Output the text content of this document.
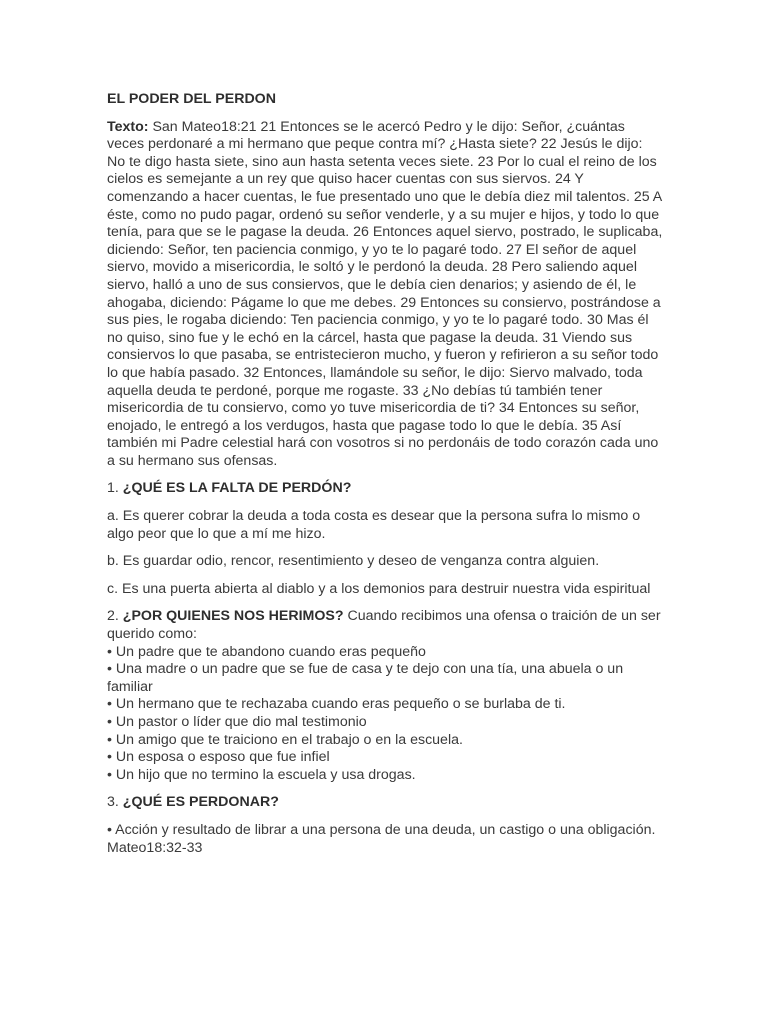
EL PODER DEL PERDON

Texto: San Mateo18:21 21 Entonces se le acercó Pedro y le dijo: Señor, ¿cuántas veces perdonaré a mi hermano que peque contra mí? ¿Hasta siete? 22 Jesús le dijo: No te digo hasta siete, sino aun hasta setenta veces siete. 23 Por lo cual el reino de los cielos es semejante a un rey que quiso hacer cuentas con sus siervos. 24 Y comenzando a hacer cuentas, le fue presentado uno que le debía diez mil talentos. 25 A éste, como no pudo pagar, ordenó su señor venderle, y a su mujer e hijos, y todo lo que tenía, para que se le pagase la deuda. 26 Entonces aquel siervo, postrado, le suplicaba, diciendo: Señor, ten paciencia conmigo, y yo te lo pagaré todo. 27 El señor de aquel siervo, movido a misericordia, le soltó y le perdonó la deuda. 28 Pero saliendo aquel siervo, halló a uno de sus consiervos, que le debía cien denarios; y asiendo de él, le ahogaba, diciendo: Págame lo que me debes. 29 Entonces su consiervo, postrándose a sus pies, le rogaba diciendo: Ten paciencia conmigo, y yo te lo pagaré todo. 30 Mas él no quiso, sino fue y le echó en la cárcel, hasta que pagase la deuda. 31 Viendo sus consiervos lo que pasaba, se entristecieron mucho, y fueron y refirieron a su señor todo lo que había pasado. 32 Entonces, llamándole su señor, le dijo: Siervo malvado, toda aquella deuda te perdoné, porque me rogaste. 33 ¿No debías tú también tener misericordia de tu consiervo, como yo tuve misericordia de ti? 34 Entonces su señor, enojado, le entregó a los verdugos, hasta que pagase todo lo que le debía. 35 Así también mi Padre celestial hará con vosotros si no perdonáis de todo corazón cada uno a su hermano sus ofensas.

1. ¿QUÉ ES LA FALTA DE PERDÓN?

a. Es querer cobrar la deuda a toda costa es desear que la persona sufra lo mismo o algo peor que lo que a mí me hizo.

b. Es guardar odio, rencor, resentimiento y deseo de venganza contra alguien.

c. Es una puerta abierta al diablo y a los demonios para destruir nuestra vida espiritual

2. ¿POR QUIENES NOS HERIMOS? Cuando recibimos una ofensa o traición de un ser querido como:

• Un padre que te abandono cuando eras pequeño
• Una madre o un padre que se fue de casa y te dejo con una tía, una abuela o un familiar
• Un hermano que te rechazaba cuando eras pequeño o se burlaba de ti.
• Un pastor o líder que dio mal testimonio
• Un amigo que te traiciono en el trabajo o en la escuela.
• Un esposa o esposo que fue infiel
• Un hijo que no termino la escuela y usa drogas.

3. ¿QUÉ ES PERDONAR?

• Acción y resultado de librar a una persona de una deuda, un castigo o una obligación. Mateo18:32-33
